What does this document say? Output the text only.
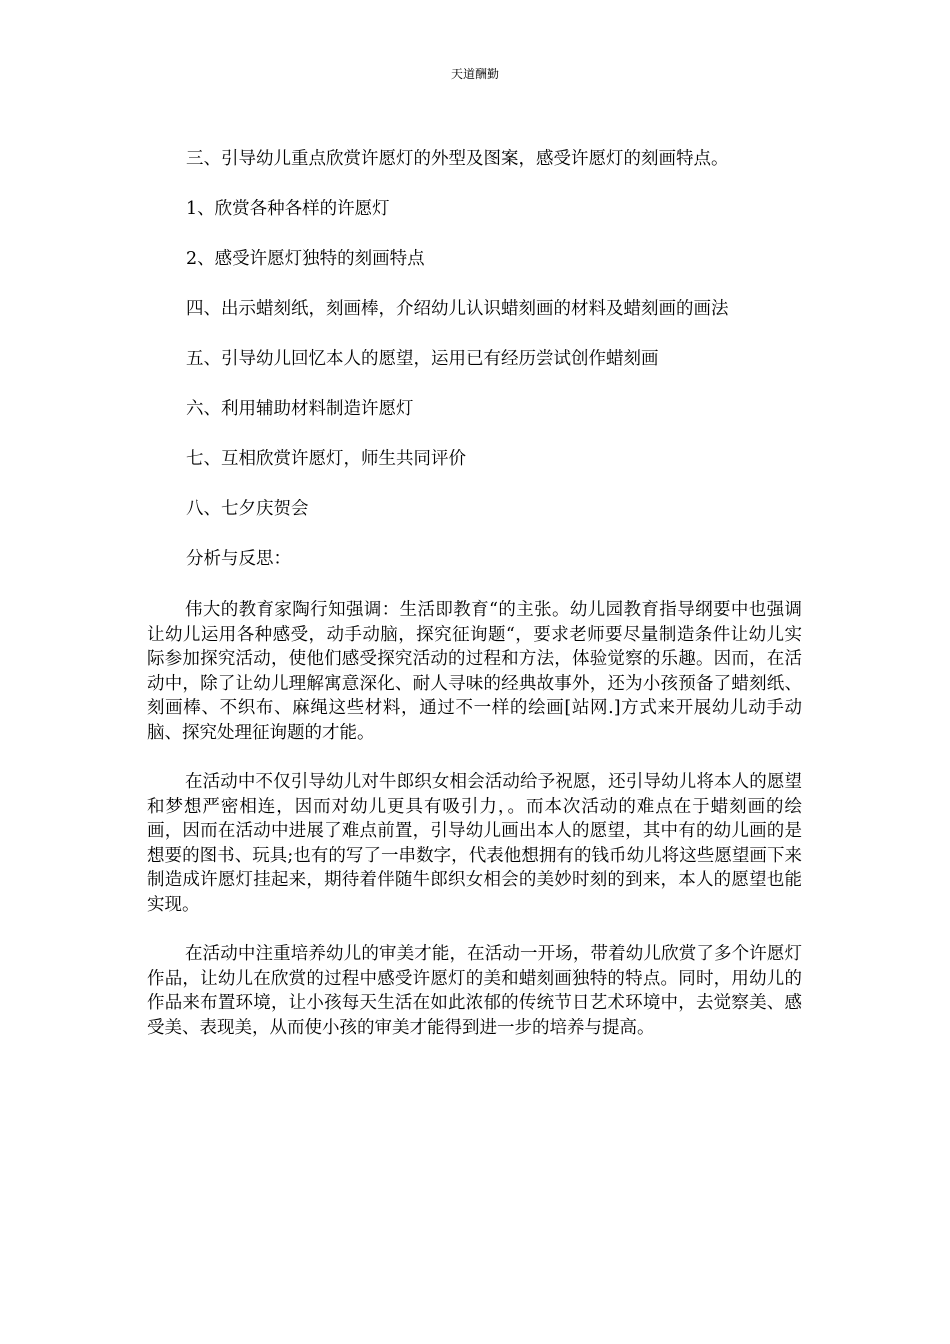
天道酬勤
三、引导幼儿重点欣赏许愿灯的外型及图案，感受许愿灯的刻画特点。
1、欣赏各种各样的许愿灯
2、感受许愿灯独特的刻画特点
四、出示蜡刻纸，刻画棒，介绍幼儿认识蜡刻画的材料及蜡刻画的画法
五、引导幼儿回忆本人的愿望，运用已有经历尝试创作蜡刻画
六、利用辅助材料制造许愿灯
七、互相欣赏许愿灯，师生共同评价
八、七夕庆贺会
分析与反思：

伟大的教育家陶行知强调：生活即教育“的主张。幼儿园教育指导纲要中也强调让幼儿运用各种感受，动手动脑，探究征询题“，要求老师要尽量制造条件让幼儿实际参加探究活动，使他们感受探究活动的过程和方法，体验觉察的乐趣。因而，在活动中，除了让幼儿理解寓意深化、耐人寻味的经典故事外，还为小孩预备了蜡刻纸、刻画棒、不织布、麻绳这些材料，通过不一样的绘画[站网.]方式来开展幼儿动手动脑、探究处理征询题的才能。

在活动中不仅引导幼儿对牛郎织女相会活动给予祝愿，还引导幼儿将本人的愿望和梦想严密相连，因而对幼儿更具有吸引力，。而本次活动的难点在于蜡刻画的绘画，因而在活动中进展了难点前置，引导幼儿画出本人的愿望，其中有的幼儿画的是想要的图书、玩具;也有的写了一串数字，代表他想拥有的钱币幼儿将这些愿望画下来制造成许愿灯挂起来，期待着伴随牛郎织女相会的美妙时刻的到来，本人的愿望也能实现。

在活动中注重培养幼儿的审美才能，在活动一开场，带着幼儿欣赏了多个许愿灯作品，让幼儿在欣赏的过程中感受许愿灯的美和蜡刻画独特的特点。同时，用幼儿的作品来布置环境，让小孩每天生活在如此浓郁的传统节日艺术环境中，去觉察美、感受美、表现美，从而使小孩的审美才能得到进一步的培养与提高。
